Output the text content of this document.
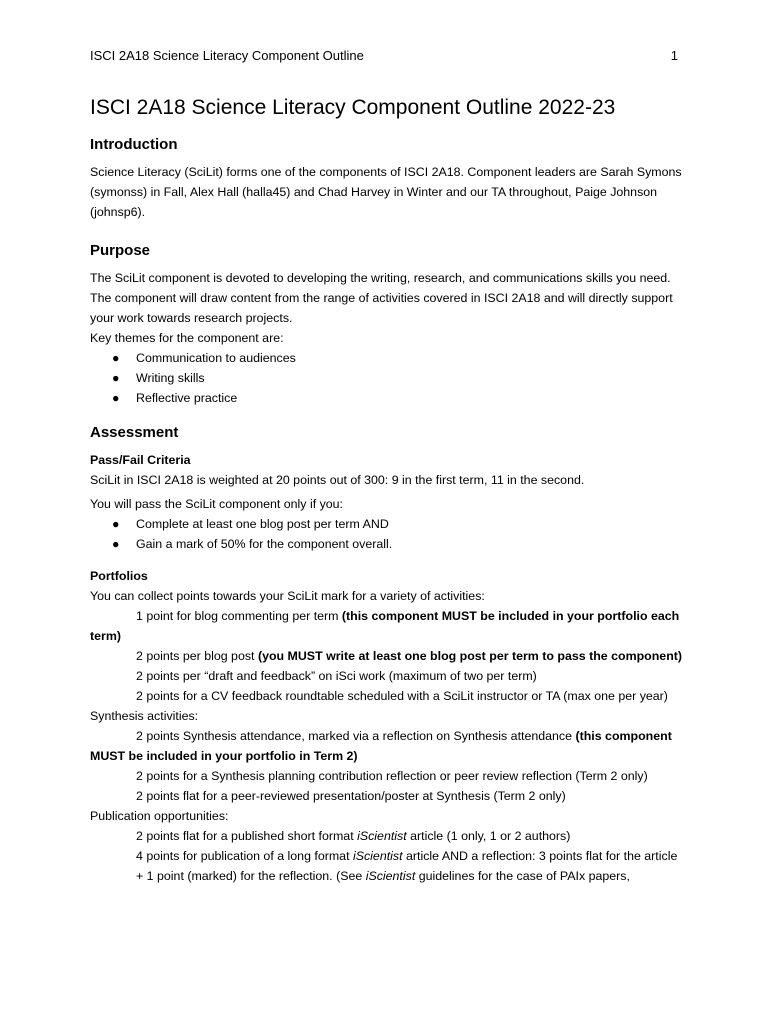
ISCI 2A18 Science Literacy Component Outline	1
ISCI 2A18 Science Literacy Component Outline 2022-23
Introduction

Science Literacy (SciLit) forms one of the components of ISCI 2A18. Component leaders are Sarah Symons (symonss) in Fall, Alex Hall (halla45) and Chad Harvey in Winter and our TA throughout, Paige Johnson (johnsp6).

Purpose

The SciLit component is devoted to developing the writing, research, and communications skills you need. The component will draw content from the range of activities covered in ISCI 2A18 and will directly support your work towards research projects.

Key themes for the component are:

● Communication to audiences
● Writing skills
● Reflective practice
Assessment
Pass/Fail Criteria

SciLit in ISCI 2A18 is weighted at 20 points out of 300: 9 in the first term, 11 in the second.

You will pass the SciLit component only if you:

● Complete at least one blog post per term AND
● Gain a mark of 50% for the component overall.
Portfolios

You can collect points towards your SciLit mark for a variety of activities:

1 point for blog commenting per term (this component MUST be included in your portfolio each term)

2 points per blog post (you MUST write at least one blog post per term to pass the component)

2 points per “draft and feedback” on iSci work (maximum of two per term)

2 points for a CV feedback roundtable scheduled with a SciLit instructor or TA (max one per year)

Synthesis activities:

2 points Synthesis attendance, marked via a reflection on Synthesis attendance (this component MUST be included in your portfolio in Term 2)

2 points for a Synthesis planning contribution reflection or peer review reflection (Term 2 only)

2 points flat for a peer-reviewed presentation/poster at Synthesis (Term 2 only)

Publication opportunities:

2 points flat for a published short format iScientist article (1 only, 1 or 2 authors)

4 points for publication of a long format iScientist article AND a reflection: 3 points flat for the article + 1 point (marked) for the reflection. (See iScientist guidelines for the case of PAIx papers,
